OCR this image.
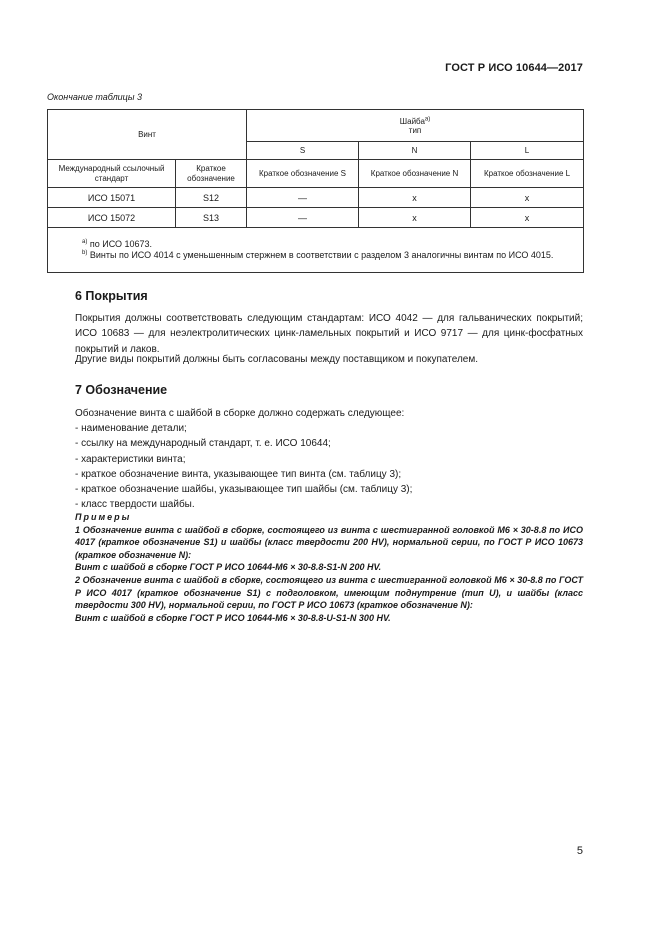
ГОСТ Р ИСО 10644—2017
Окончание таблицы 3
Винт		Шайба$^{a)}$
тип		
		S	N	L
Международный ссылочный стандарт	Краткое обозначение	Краткое обозначение S	Краткое обозначение N	Краткое обозначение L
ИСО 15071	S12	—	x	x
ИСО 15072	S13	—	x	x

$^{a)}$ по ИСО 10673.
$^{b)}$ Винты по ИСО 4014 с уменьшенным стержнем в соответствии с разделом 3 аналогичны винтам по ИСО 4015.				
6 Покрытия
Покрытия должны соответствовать следующим стандартам: ИСО 4042 — для гальванических покрытий; ИСО 10683 — для неэлектролитических цинк-ламельных покрытий и ИСО 9717 — для цинк-фосфатных покрытий и лаков.
Другие виды покрытий должны быть согласованы между поставщиком и покупателем.
7 Обозначение
Обозначение винта с шайбой в сборке должно содержать следующее:
- наименование детали;
- ссылку на международный стандарт, т. е. ИСО 10644;
- характеристики винта;
- краткое обозначение винта, указывающее тип винта (см. таблицу 3);
- краткое обозначение шайбы, указывающее тип шайбы (см. таблицу 3);
- класс твердости шайбы.
Примеры
1 Обозначение винта с шайбой в сборке, состоящего из винта с шестигранной головкой М6 × 30-8.8 по ИСО 4017 (краткое обозначение S1) и шайбы (класс твердости 200 HV), нормальной серии, по ГОСТ Р ИСО 10673 (краткое обозначение N):
Винт с шайбой в сборке ГОСТ Р ИСО 10644-М6 × 30-8.8-S1-N 200 HV.
2 Обозначение винта с шайбой в сборке, состоящего из винта с шестигранной головкой М6 × 30-8.8 по ГОСТ Р ИСО 4017 (краткое обозначение S1) с подголовком, имеющим поднутрение (тип U), и шайбы (класс твердости 300 HV), нормальной серии, по ГОСТ Р ИСО 10673 (краткое обозначение N):
Винт с шайбой в сборке ГОСТ Р ИСО 10644-М6 × 30-8.8-U-S1-N 300 HV.
5
